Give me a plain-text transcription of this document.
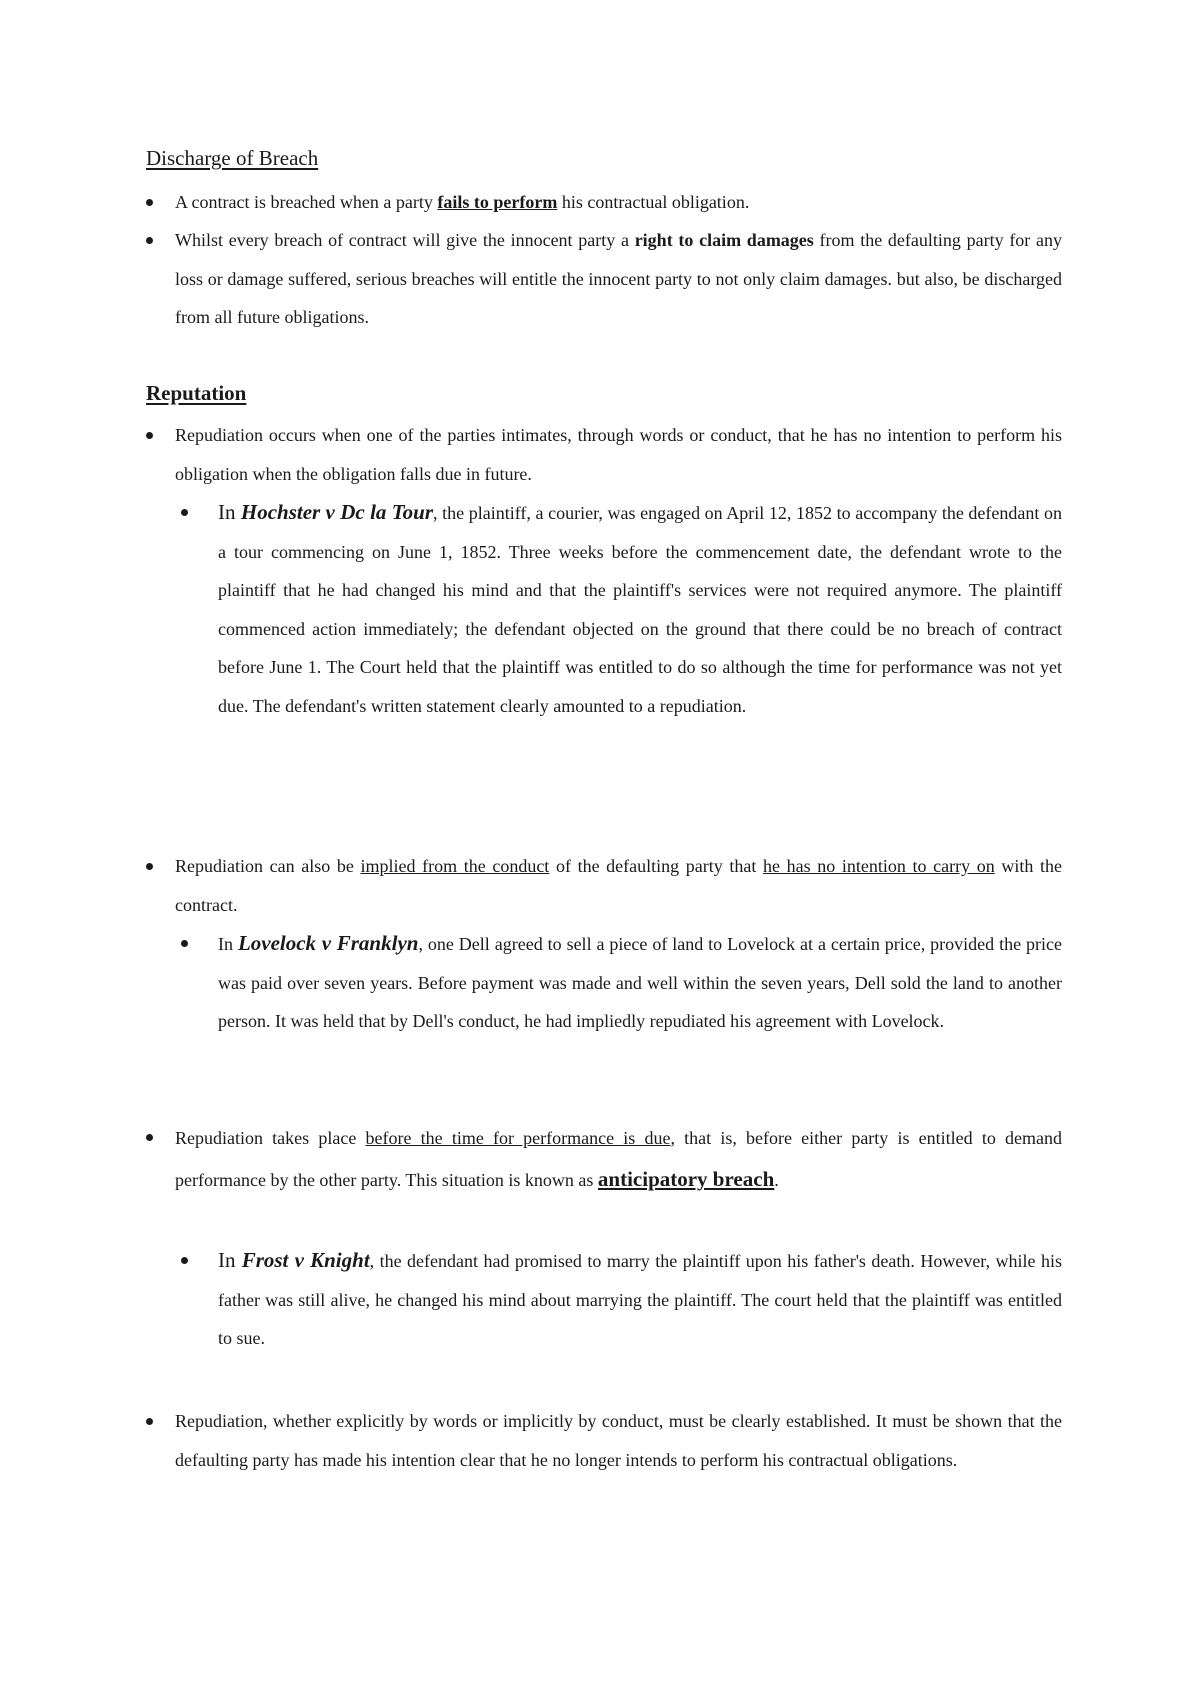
Discharge of Breach

A contract is breached when a party fails to perform his contractual obligation.

Whilst every breach of contract will give the innocent party a right to claim damages from the defaulting party for any loss or damage suffered, serious breaches will entitle the innocent party to not only claim damages. but also, be discharged from all future obligations.

Reputation

Repudiation occurs when one of the parties intimates, through words or conduct, that he has no intention to perform his obligation when the obligation falls due in future.

In Hochster v Dc la Tour, the plaintiff, a courier, was engaged on April 12, 1852 to accompany the defendant on a tour commencing on June 1, 1852. Three weeks before the commencement date, the defendant wrote to the plaintiff that he had changed his mind and that the plaintiff's services were not required anymore. The plaintiff commenced action immediately; the defendant objected on the ground that there could be no breach of contract before June 1. The Court held that the plaintiff was entitled to do so although the time for performance was not yet due. The defendant's written statement clearly amounted to a repudiation.

Repudiation can also be implied from the conduct of the defaulting party that he has no intention to carry on with the contract.

In Lovelock v Franklyn, one Dell agreed to sell a piece of land to Lovelock at a certain price, provided the price was paid over seven years. Before payment was made and well within the seven years, Dell sold the land to another person. It was held that by Dell's conduct, he had impliedly repudiated his agreement with Lovelock.

Repudiation takes place before the time for performance is due, that is, before either party is entitled to demand performance by the other party. This situation is known as anticipatory breach.

In Frost v Knight, the defendant had promised to marry the plaintiff upon his father's death. However, while his father was still alive, he changed his mind about marrying the plaintiff. The court held that the plaintiff was entitled to sue.

Repudiation, whether explicitly by words or implicitly by conduct, must be clearly established. It must be shown that the defaulting party has made his intention clear that he no longer intends to perform his contractual obligations.
